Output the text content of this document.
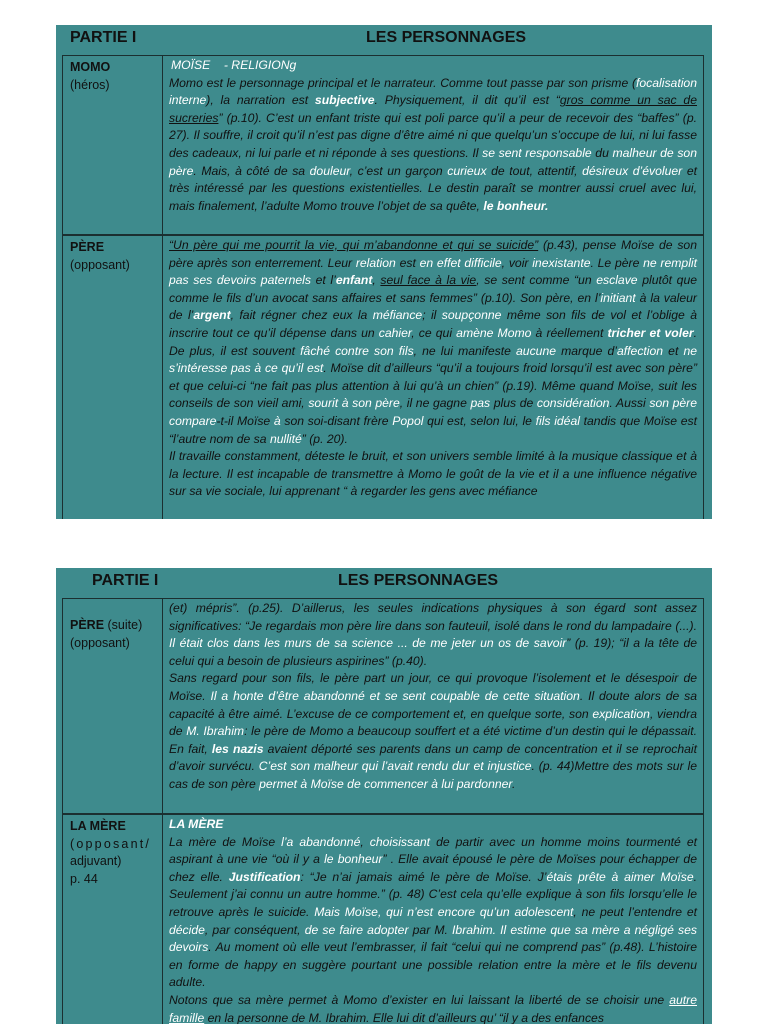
PARTIE I	LES PERSONNAGES
MOMO
(héros)

MOÏSE    - RELIGIONg

Momo est le personnage principal et le narrateur. Comme tout passe par son prisme (focalisation interne), la narration est subjective. Physiquement, il dit qu’il est “gros comme un sac de sucreries” (p.10). C’est un enfant triste qui est poli parce qu’il a peur de recevoir des “baffes” (p. 27). Il souffre, il croit qu’il n’est pas digne d’être aimé ni que quelqu’un s’occupe de lui, ni lui fasse des cadeaux, ni lui parle et ni réponde à ses questions. Il se sent responsable du malheur de son père. Mais, à côté de sa douleur, c’est un garçon curieux de tout, attentif, désireux d’évoluer et très intéressé par les questions existentielles. Le destin paraît se montrer aussi cruel avec lui, mais finalement, l’adulte Momo trouve l’objet de sa quête, le bonheur.

PÈRE
(opposant)

“Un père qui me pourrit la vie, qui m’abandonne et qui se suicide” (p.43), pense Moïse de son père après son enterrement. Leur relation est en effet difficile, voir inexistante. Le père ne remplit pas ses devoirs paternels et l’enfant, seul face à la vie, se sent comme “un esclave plutôt que comme le fils d’un avocat sans affaires et sans femmes” (p.10). Son père, en l’initiant à la valeur de l’argent, fait régner chez eux la méfiance; il soupçonne même son fils de vol et l’oblige à inscrire tout ce qu’il dépense dans un cahier, ce qui amène Momo à réellement tricher et voler. De plus, il est souvent fâché contre son fils, ne lui manifeste aucune marque d’affection et ne s’intéresse pas à ce qu’il est. Moïse dit d’ailleurs “qu’il a toujours froid lorsqu’il est avec son père” et que celui-ci “ne fait pas plus attention à lui qu’à un chien” (p.19). Même quand Moïse, suit les conseils de son vieil ami, sourit à son père, il ne gagne pas plus de considération. Aussi son père compare-t-il Moïse à son soi-disant frère Popol qui est, selon lui, le fils idéal tandis que Moïse est “l’autre nom de sa nullité” (p. 20).

Il travaille constamment, déteste le bruit, et son univers semble limité à la musique classique et à la lecture. Il est incapable de transmettre à Momo le goût de la vie et il a une influence négative sur sa vie sociale, lui apprenant “ à regarder les gens avec méfiance

PARTIE I	LES PERSONNAGES
PÈRE (suite)
(opposant)

(et) mépris”. (p.25). D’aillerus, les seules indications physiques à son égard sont assez significatives: “Je regardais mon père lire dans son fauteuil, isolé dans le rond du lampadaire (...). Il était clos dans les murs de sa science ... de me jeter un os de savoir” (p. 19); “il a la tête de celui qui a besoin de plusieurs aspirines” (p.40).

Sans regard pour son fils, le père part un jour, ce qui provoque l’isolement et le désespoir de Moïse. Il a honte d’être abandonné et se sent coupable de cette situation. Il doute alors de sa capacité à être aimé. L’excuse de ce comportement et, en quelque sorte, son explication, viendra de M. Ibrahim: le père de Momo a beaucoup souffert et a été victime d’un destin qui le dépassait. En fait, les nazis avaient déporté ses parents dans un camp de concentration et il se reprochait d’avoir survécu. C’est son malheur qui l’avait rendu dur et injustice. (p. 44)Mettre des mots sur le cas de son père permet à Moïse de commencer à lui pardonner.

LA MÈRE
(opposant/
adjuvant)
p. 44

LA MÈRE

La mère de Moïse l’a abandonné, choisissant de partir avec un homme moins tourmenté et aspirant à une vie “où il y a le bonheur” . Elle avait épousé le père de Moïses pour échapper de chez elle. Justification: “Je n’ai jamais aimé le père de Moïse. J’étais prête à aimer Moïse. Seulement j’ai connu un autre homme.” (p. 48) C’est cela qu’elle explique à son fils lorsqu’elle le retrouve après le suicide. Mais Moïse, qui n’est encore qu’un adolescent, ne peut l’entendre et décide, par conséquent, de se faire adopter par M. Ibrahim. Il estime que sa mère a négligé ses devoirs. Au moment où elle veut l’embrasser, il fait “celui qui ne comprend pas” (p.48). L’histoire en forme de happy en suggère pourtant une possible relation entre la mère et le fils devenu adulte.

Notons que sa mère permet à Momo d’exister en lui laissant la liberté de se choisir une autre famille en la personne de M. Ibrahim. Elle lui dit d’ailleurs qu’ “il y a des enfances
